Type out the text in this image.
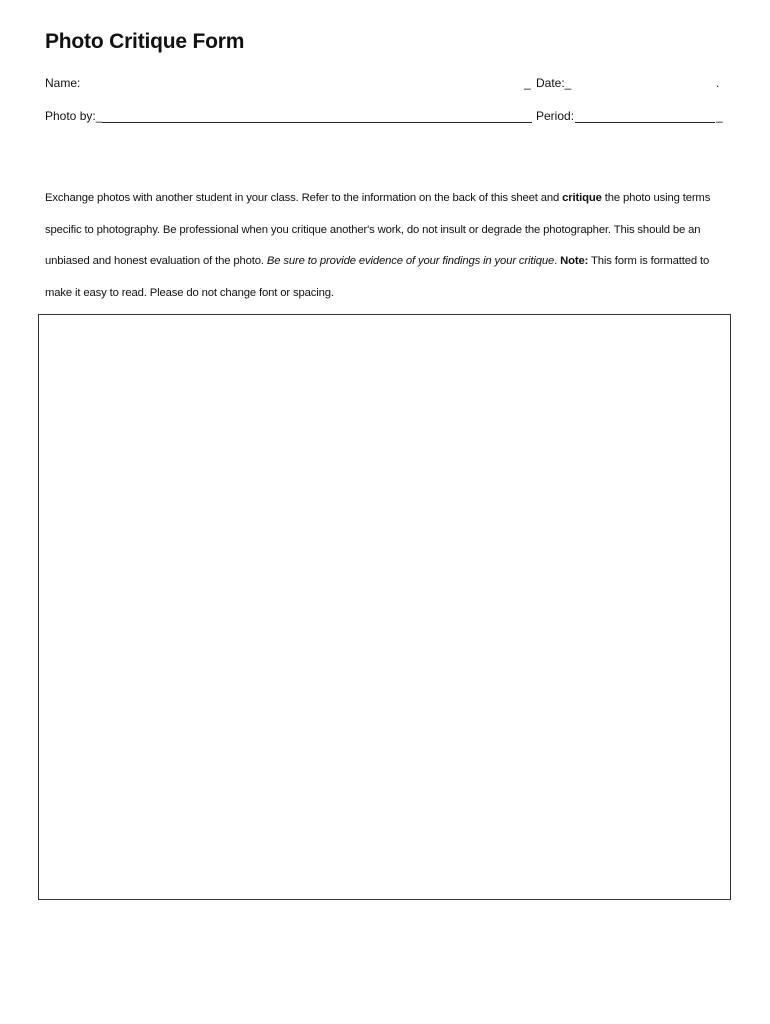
Photo Critique Form
Name:	_ Date:_	.
Photo by:_	Period:	_

Exchange photos with another student in your class. Refer to the information on the back of this sheet and critique the photo using terms specific to photography. Be professional when you critique another's work, do not insult or degrade the photographer. This should be an unbiased and honest evaluation of the photo. Be sure to provide evidence of your findings in your critique. Note: This form is formatted to make it easy to read. Please do not change font or spacing.
